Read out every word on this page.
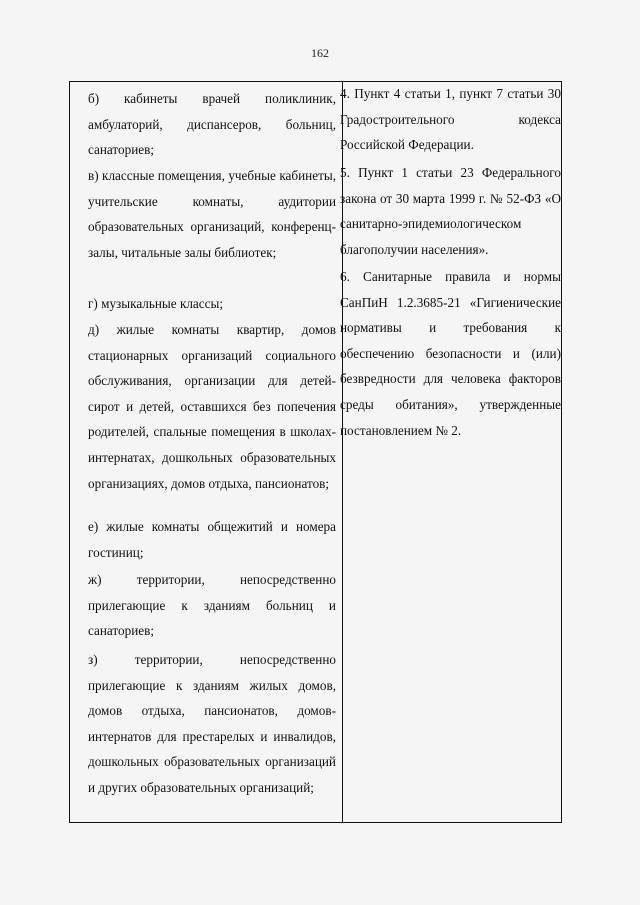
162
б) кабинеты врачей поликлиник, амбулаторий, диспансеров, больниц, санаториев;
в) классные помещения, учебные кабинеты, учительские комнаты, аудитории образовательных организаций, конференц-залы, читальные залы библиотек;
г) музыкальные классы;
д) жилые комнаты квартир, домов стационарных организаций социального обслуживания, организации для детей-сирот и детей, оставшихся без попечения родителей, спальные помещения в школах-интернатах, дошкольных образовательных организациях, домов отдыха, пансионатов;
е) жилые комнаты общежитий и номера гостиниц;
ж) территории, непосредственно прилегающие к зданиям больниц и санаториев;
з) территории, непосредственно прилегающие к зданиям жилых домов, домов отдыха, пансионатов, домов-интернатов для престарелых и инвалидов, дошкольных образовательных организаций и других образовательных организаций;
4. Пункт 4 статьи 1, пункт 7 статьи 30 Градостроительного кодекса Российской Федерации.
5. Пункт 1 статьи 23 Федерального закона от 30 марта 1999 г. № 52-ФЗ «О санитарно-эпидемиологическом благополучии населения».
6. Санитарные правила и нормы СанПиН 1.2.3685-21 «Гигиенические нормативы и требования к обеспечению безопасности и (или) безвредности для человека факторов среды обитания», утвержденные постановлением № 2.
